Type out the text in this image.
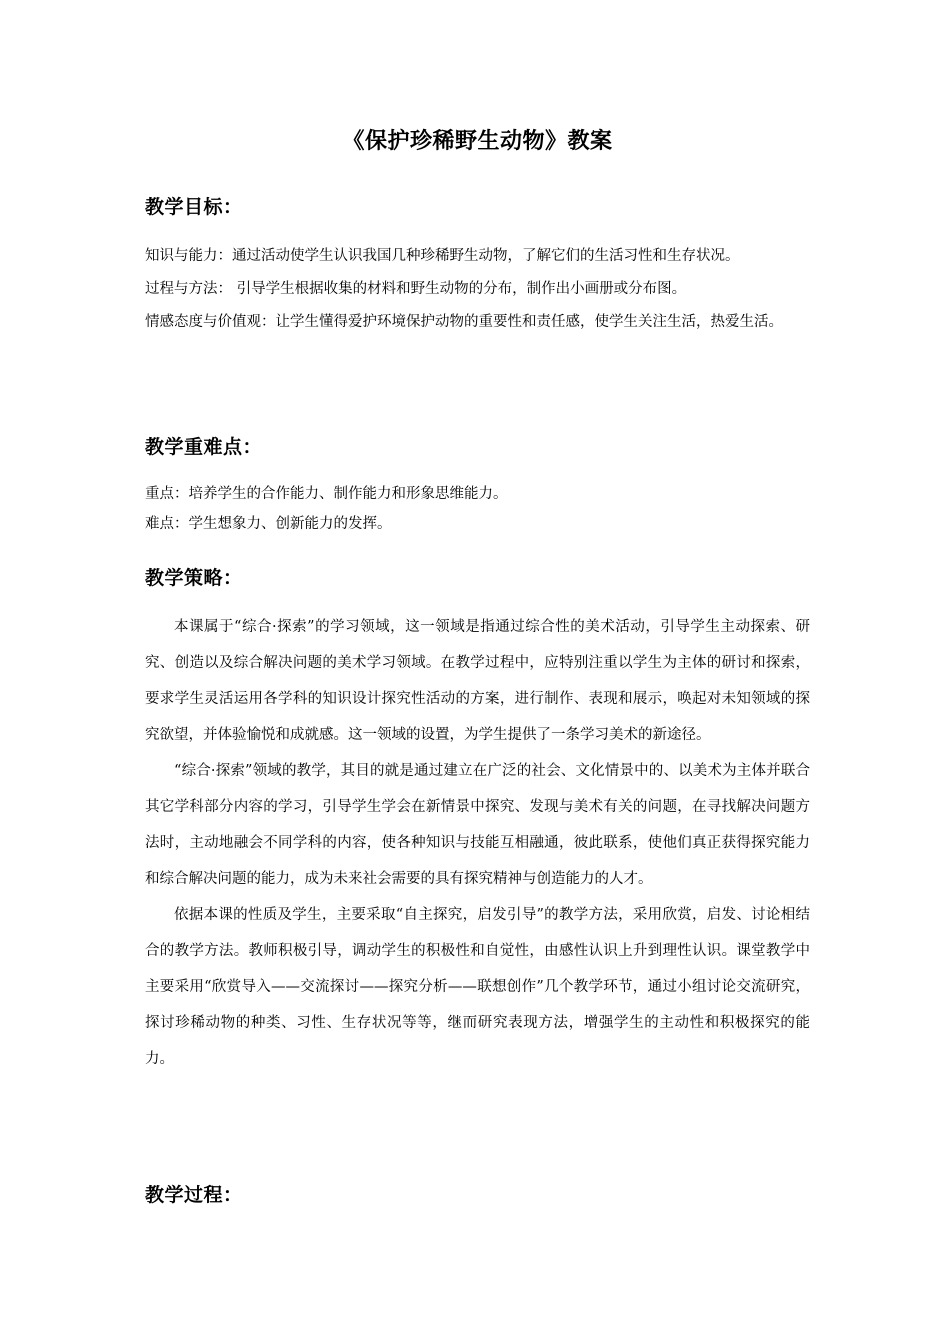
《保护珍稀野生动物》教案
教学目标：

知识与能力：通过活动使学生认识我国几种珍稀野生动物，了解它们的生活习性和生存状况。

过程与方法： 引导学生根据收集的材料和野生动物的分布，制作出小画册或分布图。

情感态度与价值观：让学生懂得爱护环境保护动物的重要性和责任感，使学生关注生活，热爱生活。

教学重难点：

重点：培养学生的合作能力、制作能力和形象思维能力。

难点：学生想象力、创新能力的发挥。

教学策略：

本课属于“综合·探索”的学习领域，这一领域是指通过综合性的美术活动，引导学生主动探索、研究、创造以及综合解决问题的美术学习领域。在教学过程中，应特别注重以学生为主体的研讨和探索，要求学生灵活运用各学科的知识设计探究性活动的方案，进行制作、表现和展示，唤起对未知领域的探究欲望，并体验愉悦和成就感。这一领域的设置，为学生提供了一条学习美术的新途径。

“综合·探索”领域的教学，其目的就是通过建立在广泛的社会、文化情景中的、以美术为主体并联合其它学科部分内容的学习，引导学生学会在新情景中探究、发现与美术有关的问题，在寻找解决问题方法时，主动地融会不同学科的内容，使各种知识与技能互相融通，彼此联系，使他们真正获得探究能力和综合解决问题的能力，成为未来社会需要的具有探究精神与创造能力的人才。

依据本课的性质及学生，主要采取“自主探究，启发引导”的教学方法，采用欣赏，启发、讨论相结合的教学方法。教师积极引导，调动学生的积极性和自觉性，由感性认识上升到理性认识。课堂教学中主要采用“欣赏导入——交流探讨——探究分析——联想创作”几个教学环节，通过小组讨论交流研究，探讨珍稀动物的种类、习性、生存状况等等，继而研究表现方法，增强学生的主动性和积极探究的能力。

教学过程：
